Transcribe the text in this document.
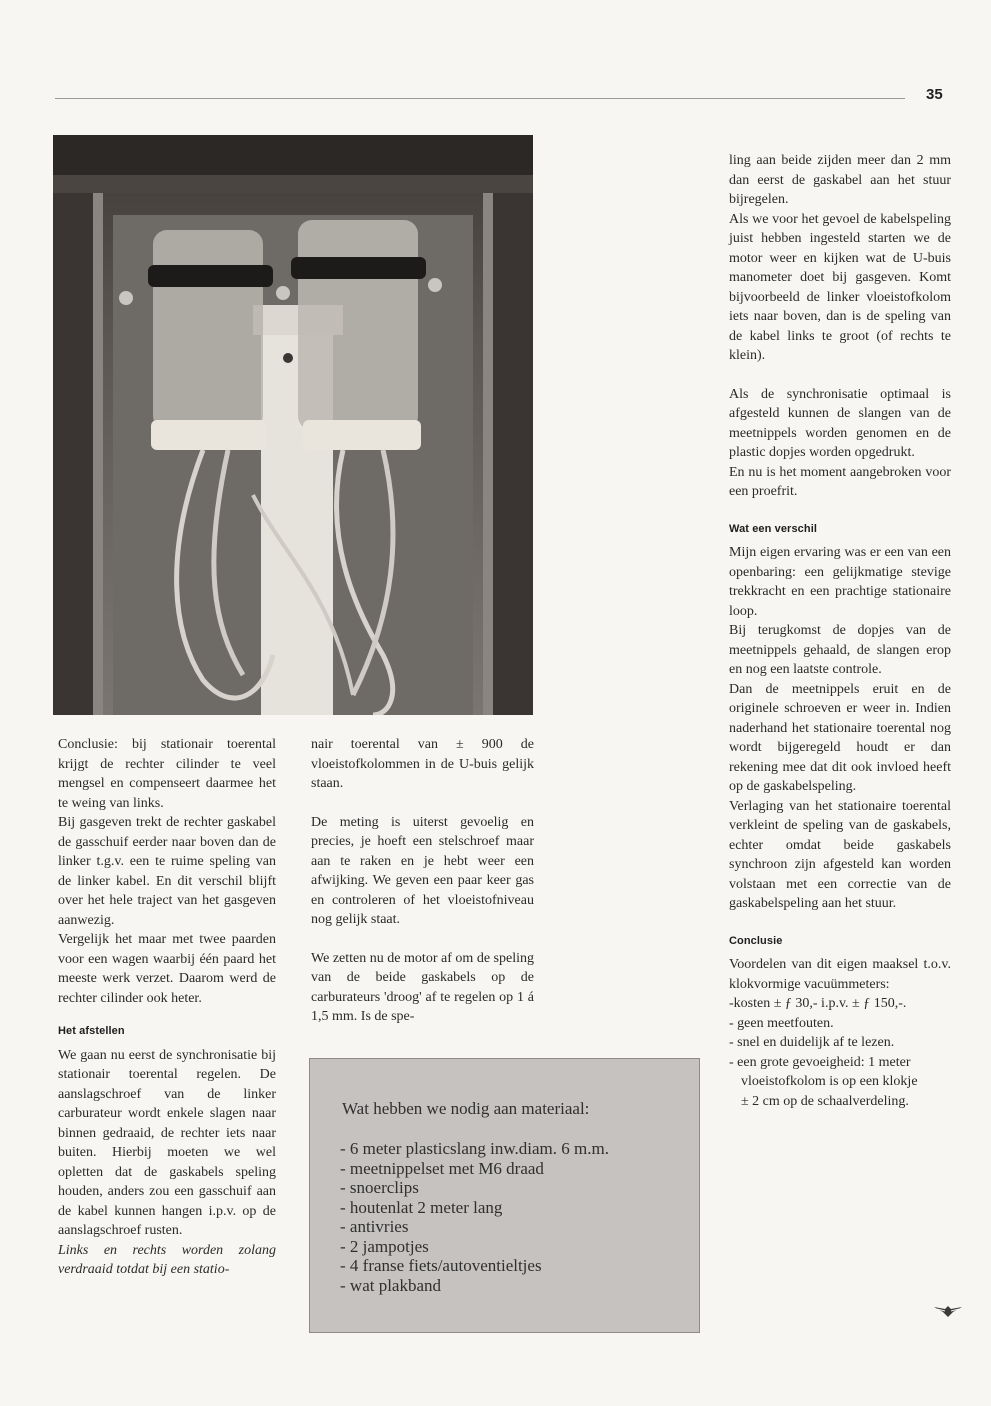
35

Conclusie: bij stationair toerental krijgt de rechter cilinder te veel mengsel en compenseert daarmee het te weing van links.

Bij gasgeven trekt de rechter gaskabel de gasschuif eerder naar boven dan de linker t.g.v. een te ruime speling van de linker kabel. En dit verschil blijft over het hele traject van het gasgeven aanwezig.

Vergelijk het maar met twee paarden voor een wagen waarbij één paard het meeste werk verzet. Daarom werd de rechter cilinder ook heter.

Het afstellen

We gaan nu eerst de synchronisatie bij stationair toerental regelen. De aanslagschroef van de linker carburateur wordt enkele slagen naar binnen gedraaid, de rechter iets naar buiten. Hierbij moeten we wel opletten dat de gaskabels speling houden, anders zou een gasschuif aan de kabel kunnen hangen i.p.v. op de aanslagschroef rusten.

Links en rechts worden zolang verdraaid totdat bij een statio-

nair toerental van ± 900 de vloeistofkolommen in de U-buis gelijk staan.

De meting is uiterst gevoelig en precies, je hoeft een stelschroef maar aan te raken en je hebt weer een afwijking. We geven een paar keer gas en controleren of het vloeistofniveau nog gelijk staat.

We zetten nu de motor af om de speling van de beide gaskabels op de carburateurs 'droog' af te regelen op 1 á 1,5 mm. Is de spe-

ling aan beide zijden meer dan 2 mm dan eerst de gaskabel aan het stuur bijregelen.

Als we voor het gevoel de kabelspeling juist hebben ingesteld starten we de motor weer en kijken wat de U-buis manometer doet bij gasgeven. Komt bijvoorbeeld de linker vloeistofkolom iets naar boven, dan is de speling van de kabel links te groot (of rechts te klein).

Als de synchronisatie optimaal is afgesteld kunnen de slangen van de meetnippels worden genomen en de plastic dopjes worden opgedrukt.

En nu is het moment aangebroken voor een proefrit.

Wat een verschil

Mijn eigen ervaring was er een van een openbaring: een gelijkmatige stevige trekkracht en een prachtige stationaire loop.

Bij terugkomst de dopjes van de meetnippels gehaald, de slangen erop en nog een laatste controle.

Dan de meetnippels eruit en de originele schroeven er weer in. Indien naderhand het stationaire toerental nog wordt bijgeregeld houdt er dan rekening mee dat dit ook invloed heeft op de gaskabelspeling.

Verlaging van het stationaire toerental verkleint de speling van de gaskabels, echter omdat beide gaskabels synchroon zijn afgesteld kan worden volstaan met een correctie van de gaskabelspeling aan het stuur.

Conclusie

Voordelen van dit eigen maaksel t.o.v. klokvormige vacuümmeters:

-kosten ± ƒ 30,- i.p.v. ± ƒ 150,-.
- geen meetfouten.
- snel en duidelijk af te lezen.
- een grote gevoeigheid: 1 meter
vloeistofkolom is op een klokje
± 2 cm op de schaalverdeling.
Wat hebben we nodig aan materiaal:
- 6 meter plasticslang inw.diam. 6 m.m.
- meetnippelset met M6 draad
- snoerclips
- houtenlat 2 meter lang
- antivries
- 2 jampotjes
- 4 franse fiets/autoventieltjes
- wat plakband
